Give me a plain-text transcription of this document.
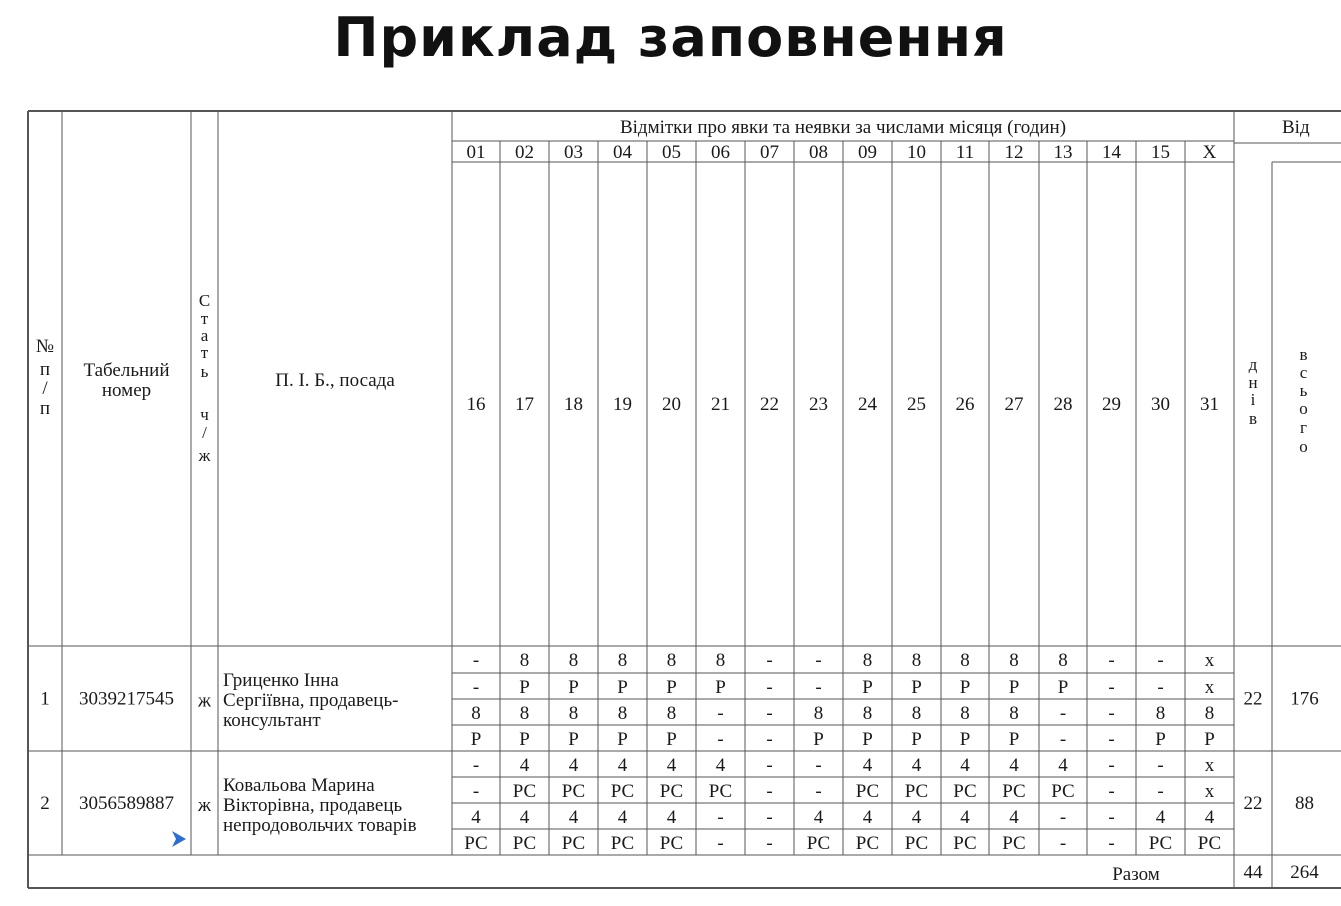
Приклад заповнення
№
п
/
п
Табельний
номер
С
т
а
т
ь
ч
/
ж
П. І. Б., посада
Відмітки про явки та неявки за числами місяця (годин)	Від
01
16
02
17
03
18
04
19
05
20
06
21
07
22
08
23
09
24
10
25
11
26
12
27
13
28
14
29
15
30
X
31
д
н
і
в
в
с
ь
о
г
о
1 3039217545 ж
Гриценко Інна
Сергіївна, продавець-
консультант
- 8 8 8 8 8 - - 8 8 8 8 8 - - х
- Р Р Р Р Р - - Р Р Р Р Р - - х
8 8 8 8 8 - - 8 8 8 8 8 - - 8 8
Р Р Р Р Р - - Р Р Р Р Р - - Р Р
22 176
2 3056589887 ж
Ковальова Марина
Вікторівна, продавець
непродовольчих товарів
- 4 4 4 4 4 - - 4 4 4 4 4 - - х
- РС РС РС РС РС - - РС РС РС РС РС - - х
4 4 4 4 4 - - 4 4 4 4 4 - - 4 4
РС РС РС РС РС - - РС РС РС РС РС - - РС РС
22 88
Разом	44 264
